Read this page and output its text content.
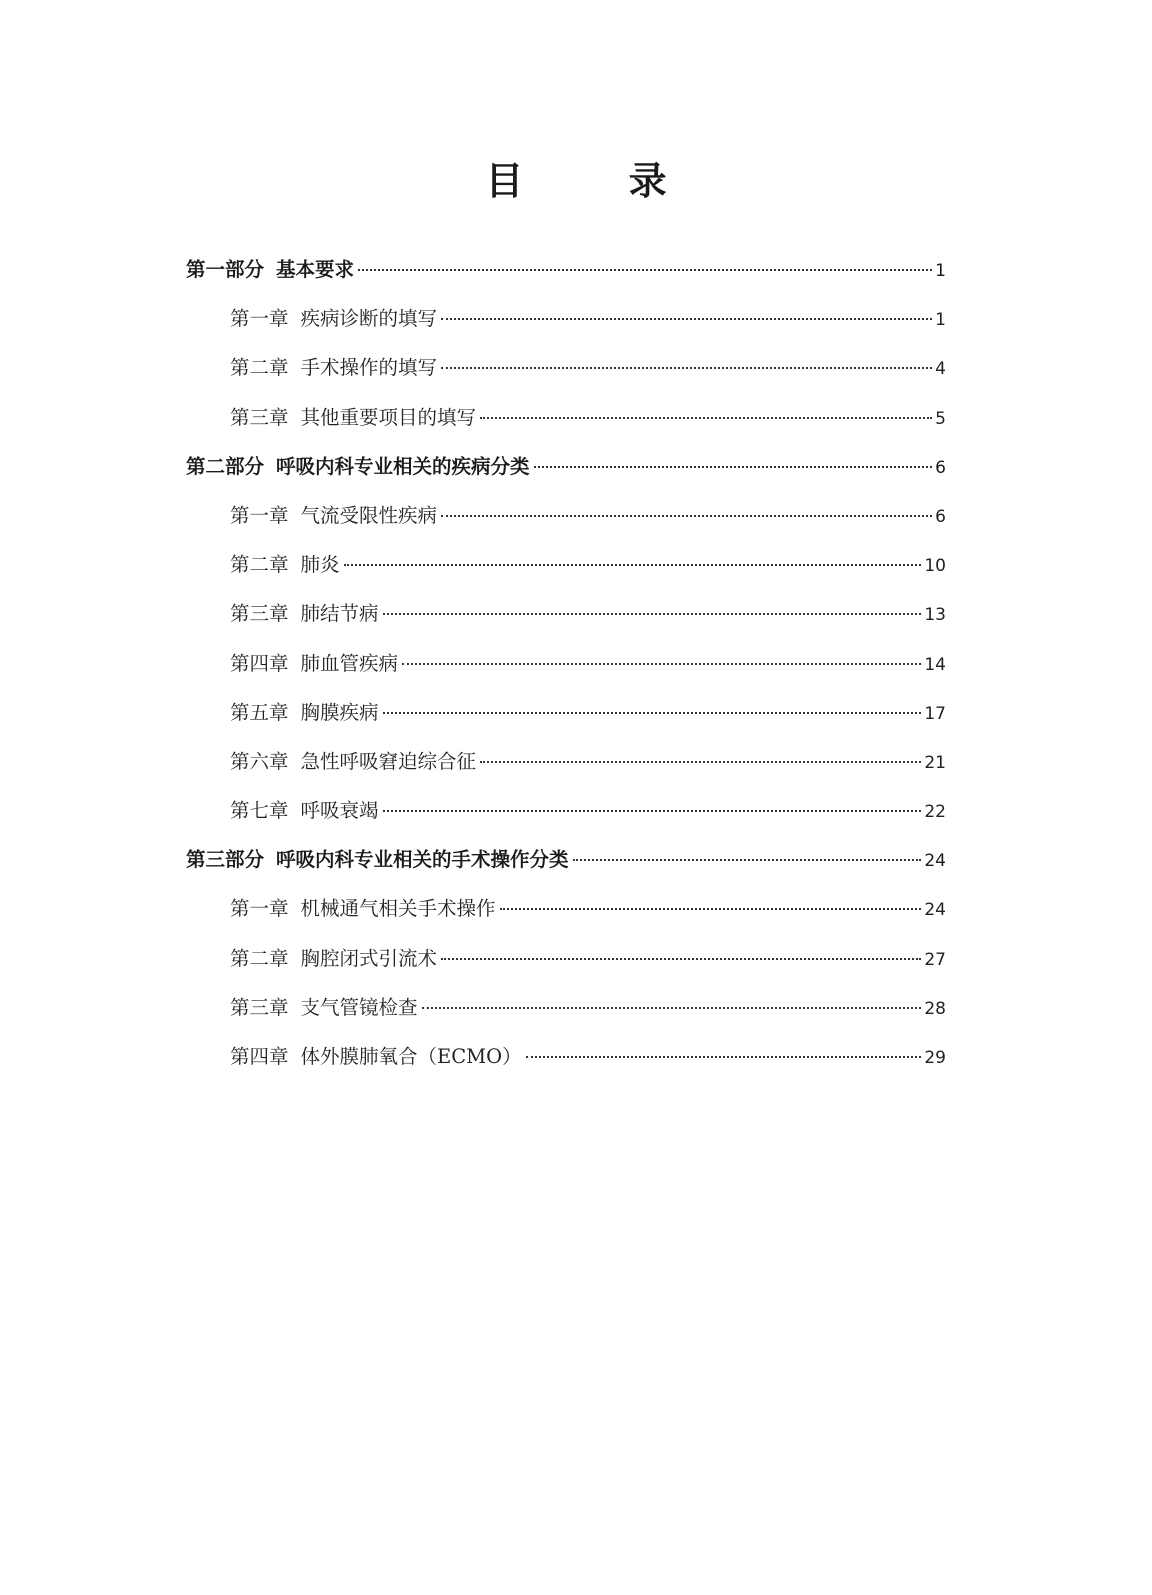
目 录
第一部分 基本要求	1
第一章 疾病诊断的填写	1
第二章 手术操作的填写	4
第三章 其他重要项目的填写	5
第二部分 呼吸内科专业相关的疾病分类	6
第一章 气流受限性疾病	6
第二章 肺炎	10
第三章 肺结节病	13
第四章 肺血管疾病	14
第五章 胸膜疾病	17
第六章 急性呼吸窘迫综合征	21
第七章 呼吸衰竭	22
第三部分 呼吸内科专业相关的手术操作分类	24
第一章 机械通气相关手术操作	24
第二章 胸腔闭式引流术	27
第三章 支气管镜检查	28
第四章 体外膜肺氧合（ECMO）	29
